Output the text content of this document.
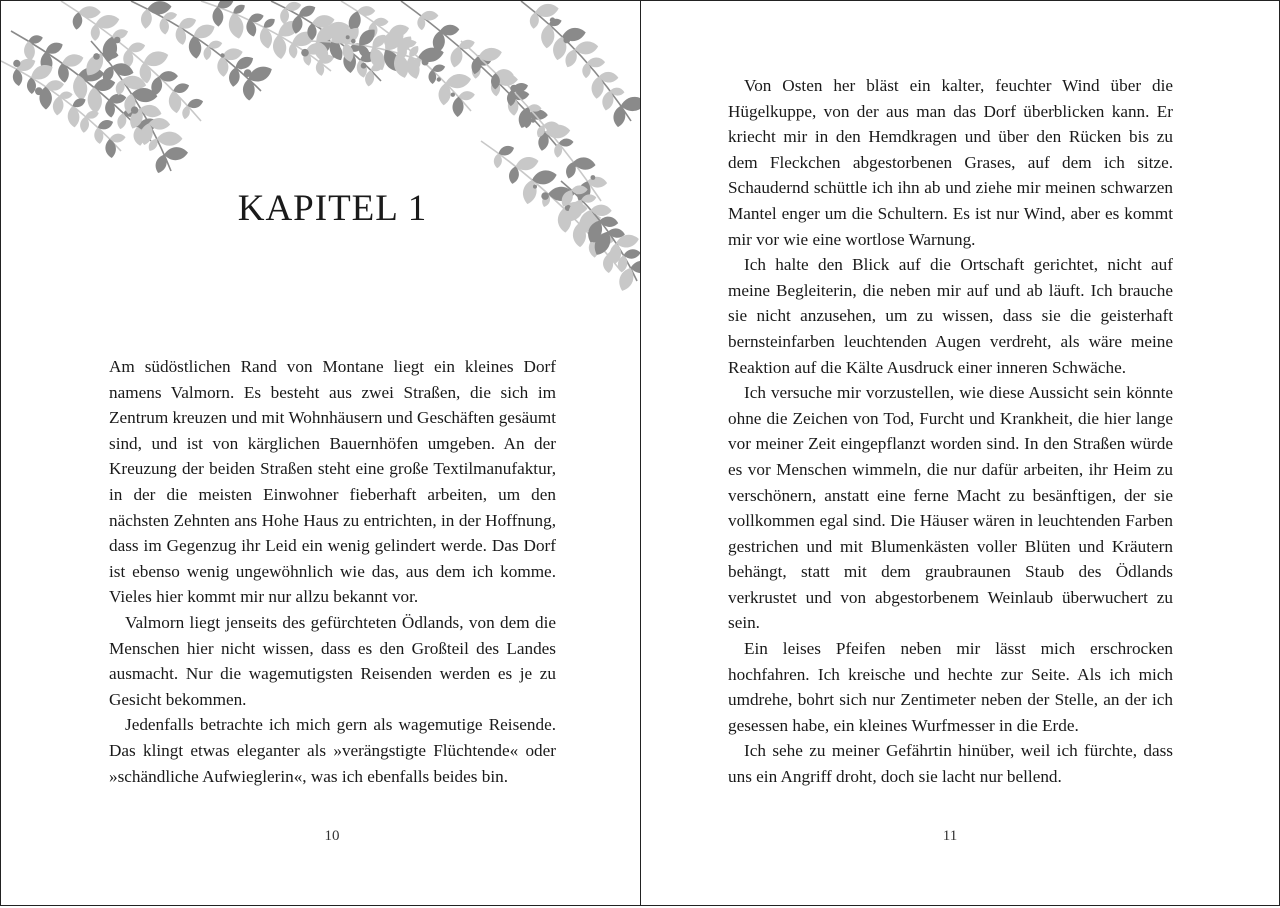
KAPITEL 1

Am südöstlichen Rand von Montane liegt ein kleines Dorf namens Valmorn. Es besteht aus zwei Straßen, die sich im Zentrum kreuzen und mit Wohnhäusern und Geschäften gesäumt sind, und ist von kärglichen Bauernhöfen umgeben. An der Kreuzung der beiden Straßen steht eine große Textilmanufaktur, in der die meisten Einwohner fieberhaft arbeiten, um den nächsten Zehnten ans Hohe Haus zu entrichten, in der Hoffnung, dass im Gegenzug ihr Leid ein wenig gelindert werde. Das Dorf ist ebenso wenig ungewöhnlich wie das, aus dem ich komme. Vieles hier kommt mir nur allzu bekannt vor.

Valmorn liegt jenseits des gefürchteten Ödlands, von dem die Menschen hier nicht wissen, dass es den Großteil des Landes ausmacht. Nur die wagemutigsten Reisenden werden es je zu Gesicht bekommen.

Jedenfalls betrachte ich mich gern als wagemutige Reisende. Das klingt etwas eleganter als »verängstigte Flüchtende« oder »schändliche Aufwieglerin«, was ich ebenfalls beides bin.

10

Von Osten her bläst ein kalter, feuchter Wind über die Hügelkuppe, von der aus man das Dorf überblicken kann. Er kriecht mir in den Hemdkragen und über den Rücken bis zu dem Fleckchen abgestorbenen Grases, auf dem ich sitze. Schaudernd schüttle ich ihn ab und ziehe mir meinen schwarzen Mantel enger um die Schultern. Es ist nur Wind, aber es kommt mir vor wie eine wortlose Warnung.

Ich halte den Blick auf die Ortschaft gerichtet, nicht auf meine Begleiterin, die neben mir auf und ab läuft. Ich brauche sie nicht anzusehen, um zu wissen, dass sie die geisterhaft bernsteinfarben leuchtenden Augen verdreht, als wäre meine Reaktion auf die Kälte Ausdruck einer inneren Schwäche.

Ich versuche mir vorzustellen, wie diese Aussicht sein könnte ohne die Zeichen von Tod, Furcht und Krankheit, die hier lange vor meiner Zeit eingepflanzt worden sind. In den Straßen würde es vor Menschen wimmeln, die nur dafür arbeiten, ihr Heim zu verschönern, anstatt eine ferne Macht zu besänftigen, der sie vollkommen egal sind. Die Häuser wären in leuchtenden Farben gestrichen und mit Blumenkästen voller Blüten und Kräutern behängt, statt mit dem graubraunen Staub des Ödlands verkrustet und von abgestorbenem Weinlaub überwuchert zu sein.

Ein leises Pfeifen neben mir lässt mich erschrocken hochfahren. Ich kreische und hechte zur Seite. Als ich mich umdrehe, bohrt sich nur Zentimeter neben der Stelle, an der ich gesessen habe, ein kleines Wurfmesser in die Erde.

Ich sehe zu meiner Gefährtin hinüber, weil ich fürchte, dass uns ein Angriff droht, doch sie lacht nur bellend.

11
